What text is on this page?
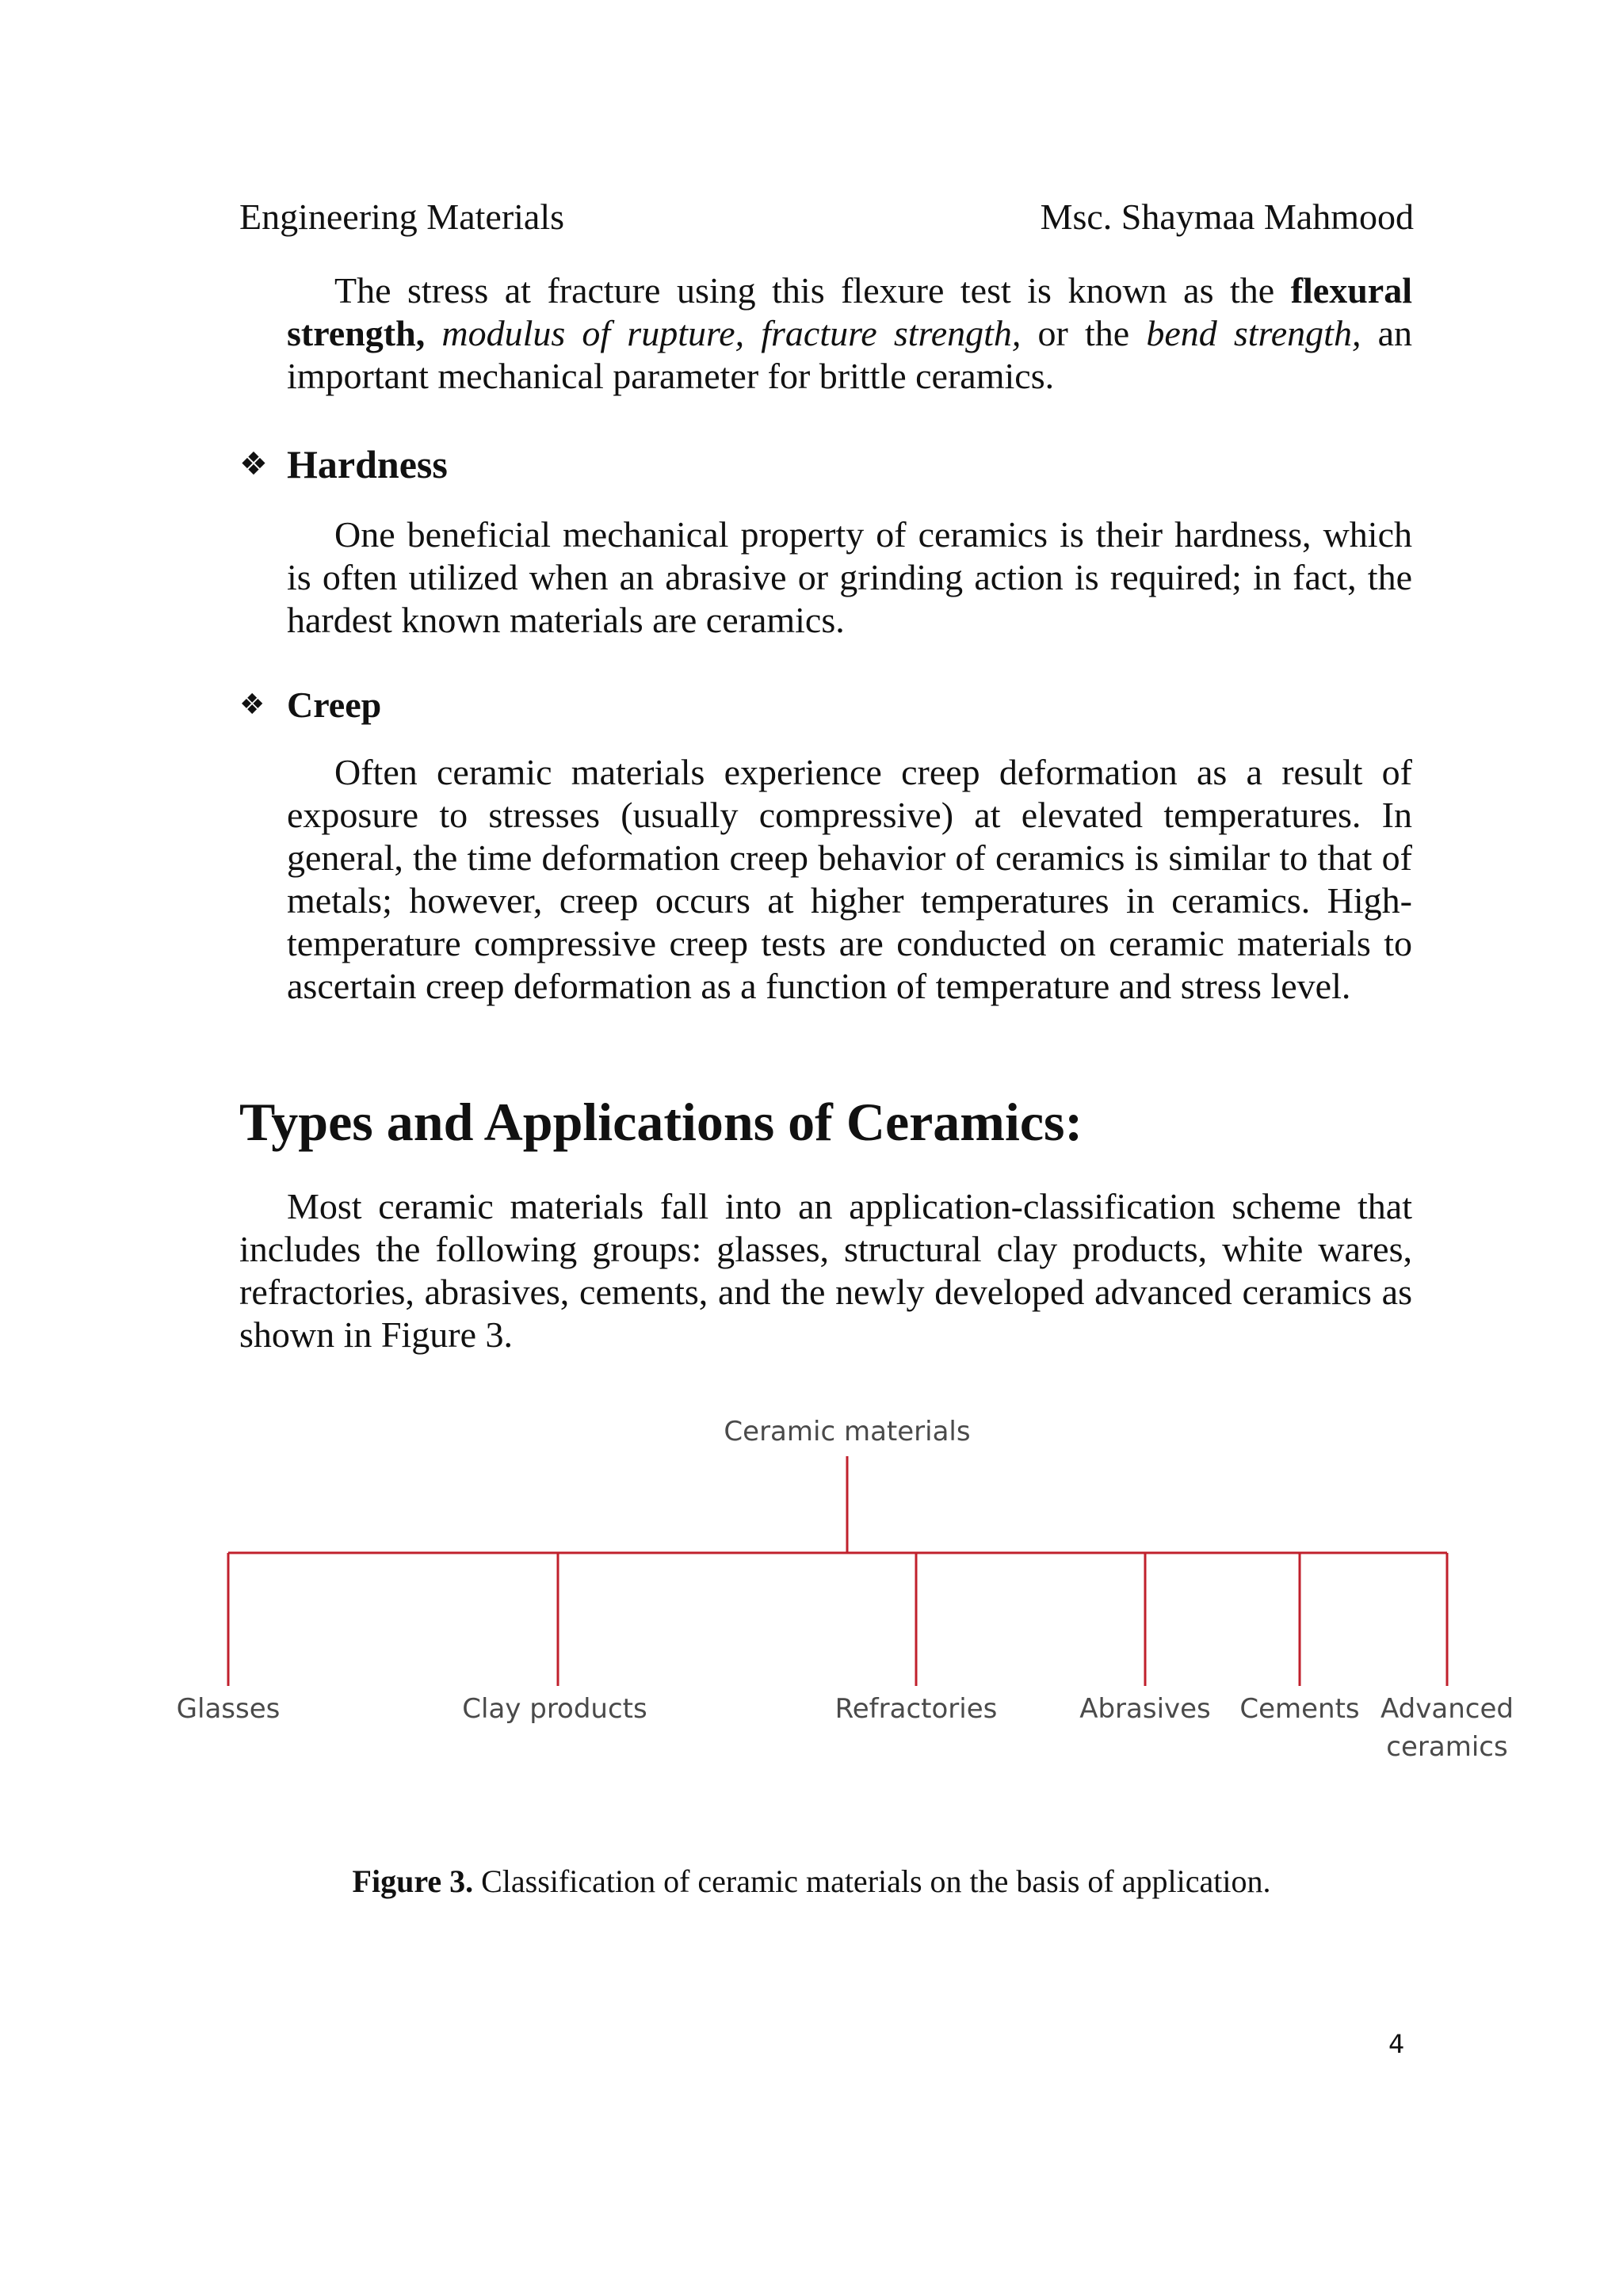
Engineering Materials	Msc. Shaymaa Mahmood

The stress at fracture using this flexure test is known as the flexural strength, modulus of rupture, fracture strength, or the bend strength, an important mechanical parameter for brittle ceramics.

❖ Hardness

One beneficial mechanical property of ceramics is their hardness, which is often utilized when an abrasive or grinding action is required; in fact, the hardest known materials are ceramics.

❖ Creep

Often ceramic materials experience creep deformation as a result of exposure to stresses (usually compressive) at elevated temperatures. In general, the time deformation creep behavior of ceramics is similar to that of metals; however, creep occurs at higher temperatures in ceramics. High-temperature compressive creep tests are conducted on ceramic materials to ascertain creep deformation as a function of temperature and stress level.

Types and Applications of Ceramics:

Most ceramic materials fall into an application-classification scheme that includes the following groups: glasses, structural clay products, white wares, refractories, abrasives, cements, and the newly developed advanced ceramics as shown in Figure 3.

Ceramic materials
Glasses	Clay products	Refractories	Abrasives Cements Advanced
ceramics
Figure 3. Classification of ceramic materials on the basis of application.
4
